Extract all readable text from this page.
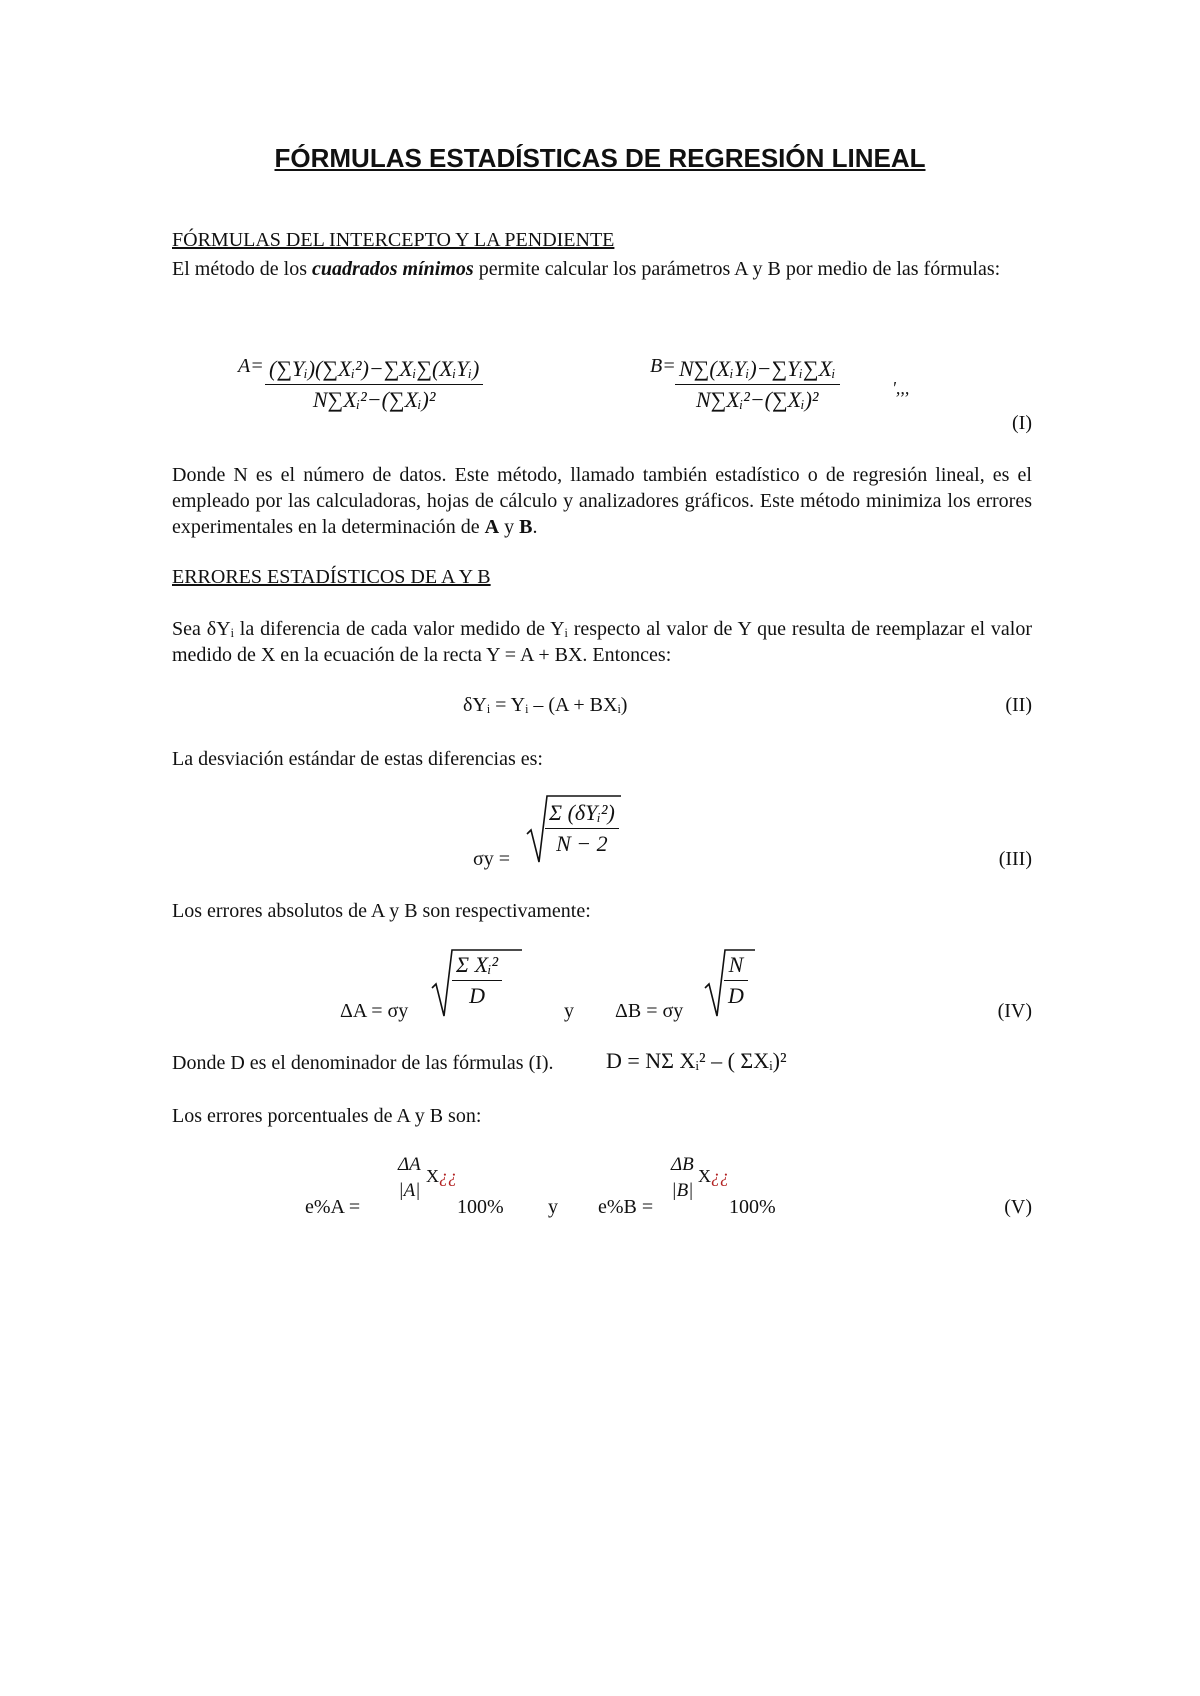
FÓRMULAS ESTADÍSTICAS DE REGRESIÓN LINEAL
FÓRMULAS DEL INTERCEPTO Y LA PENDIENTE
El método de los cuadrados mínimos permite calcular los parámetros A y B por medio de las fórmulas:
A= (∑Yᵢ)(∑Xᵢ²)−∑Xᵢ∑(XᵢYᵢ)
N∑Xᵢ²−(∑Xᵢ)²
B= N∑(XᵢYᵢ)−∑Yᵢ∑Xᵢ
N∑Xᵢ²−(∑Xᵢ)²	',,,
(I)
Donde N es el número de datos. Este método, llamado también estadístico o de regresión lineal, es el empleado por las calculadoras, hojas de cálculo y analizadores gráficos. Este método minimiza los errores experimentales en la determinación de A y B.
ERRORES ESTADÍSTICOS DE A Y B
Sea δYᵢ la diferencia de cada valor medido de Yᵢ respecto al valor de Y que resulta de reemplazar el valor medido de X en la ecuación de la recta Y = A + BX. Entonces:
δYᵢ = Yᵢ – (A + BXᵢ)	(II)
La desviación estándar de estas diferencias es:
σy =
Σ (δYᵢ²)
N − 2
(III)
Los errores absolutos de A y B son respectivamente:
ΔA = σy
$\frac{\text{Σ Xᵢ²}}{D}$
y ΔB = σy
$\frac{N}{D}$
(IV)
Donde D es el denominador de las fórmulas (I). D = NΣ Xᵢ² – ( ΣXᵢ)²
Los errores porcentuales de A y B son:
e%A =
ΔA
|A|
X¿¿
100% y e%B =
ΔB
|B|
X¿¿
100%	(V)
